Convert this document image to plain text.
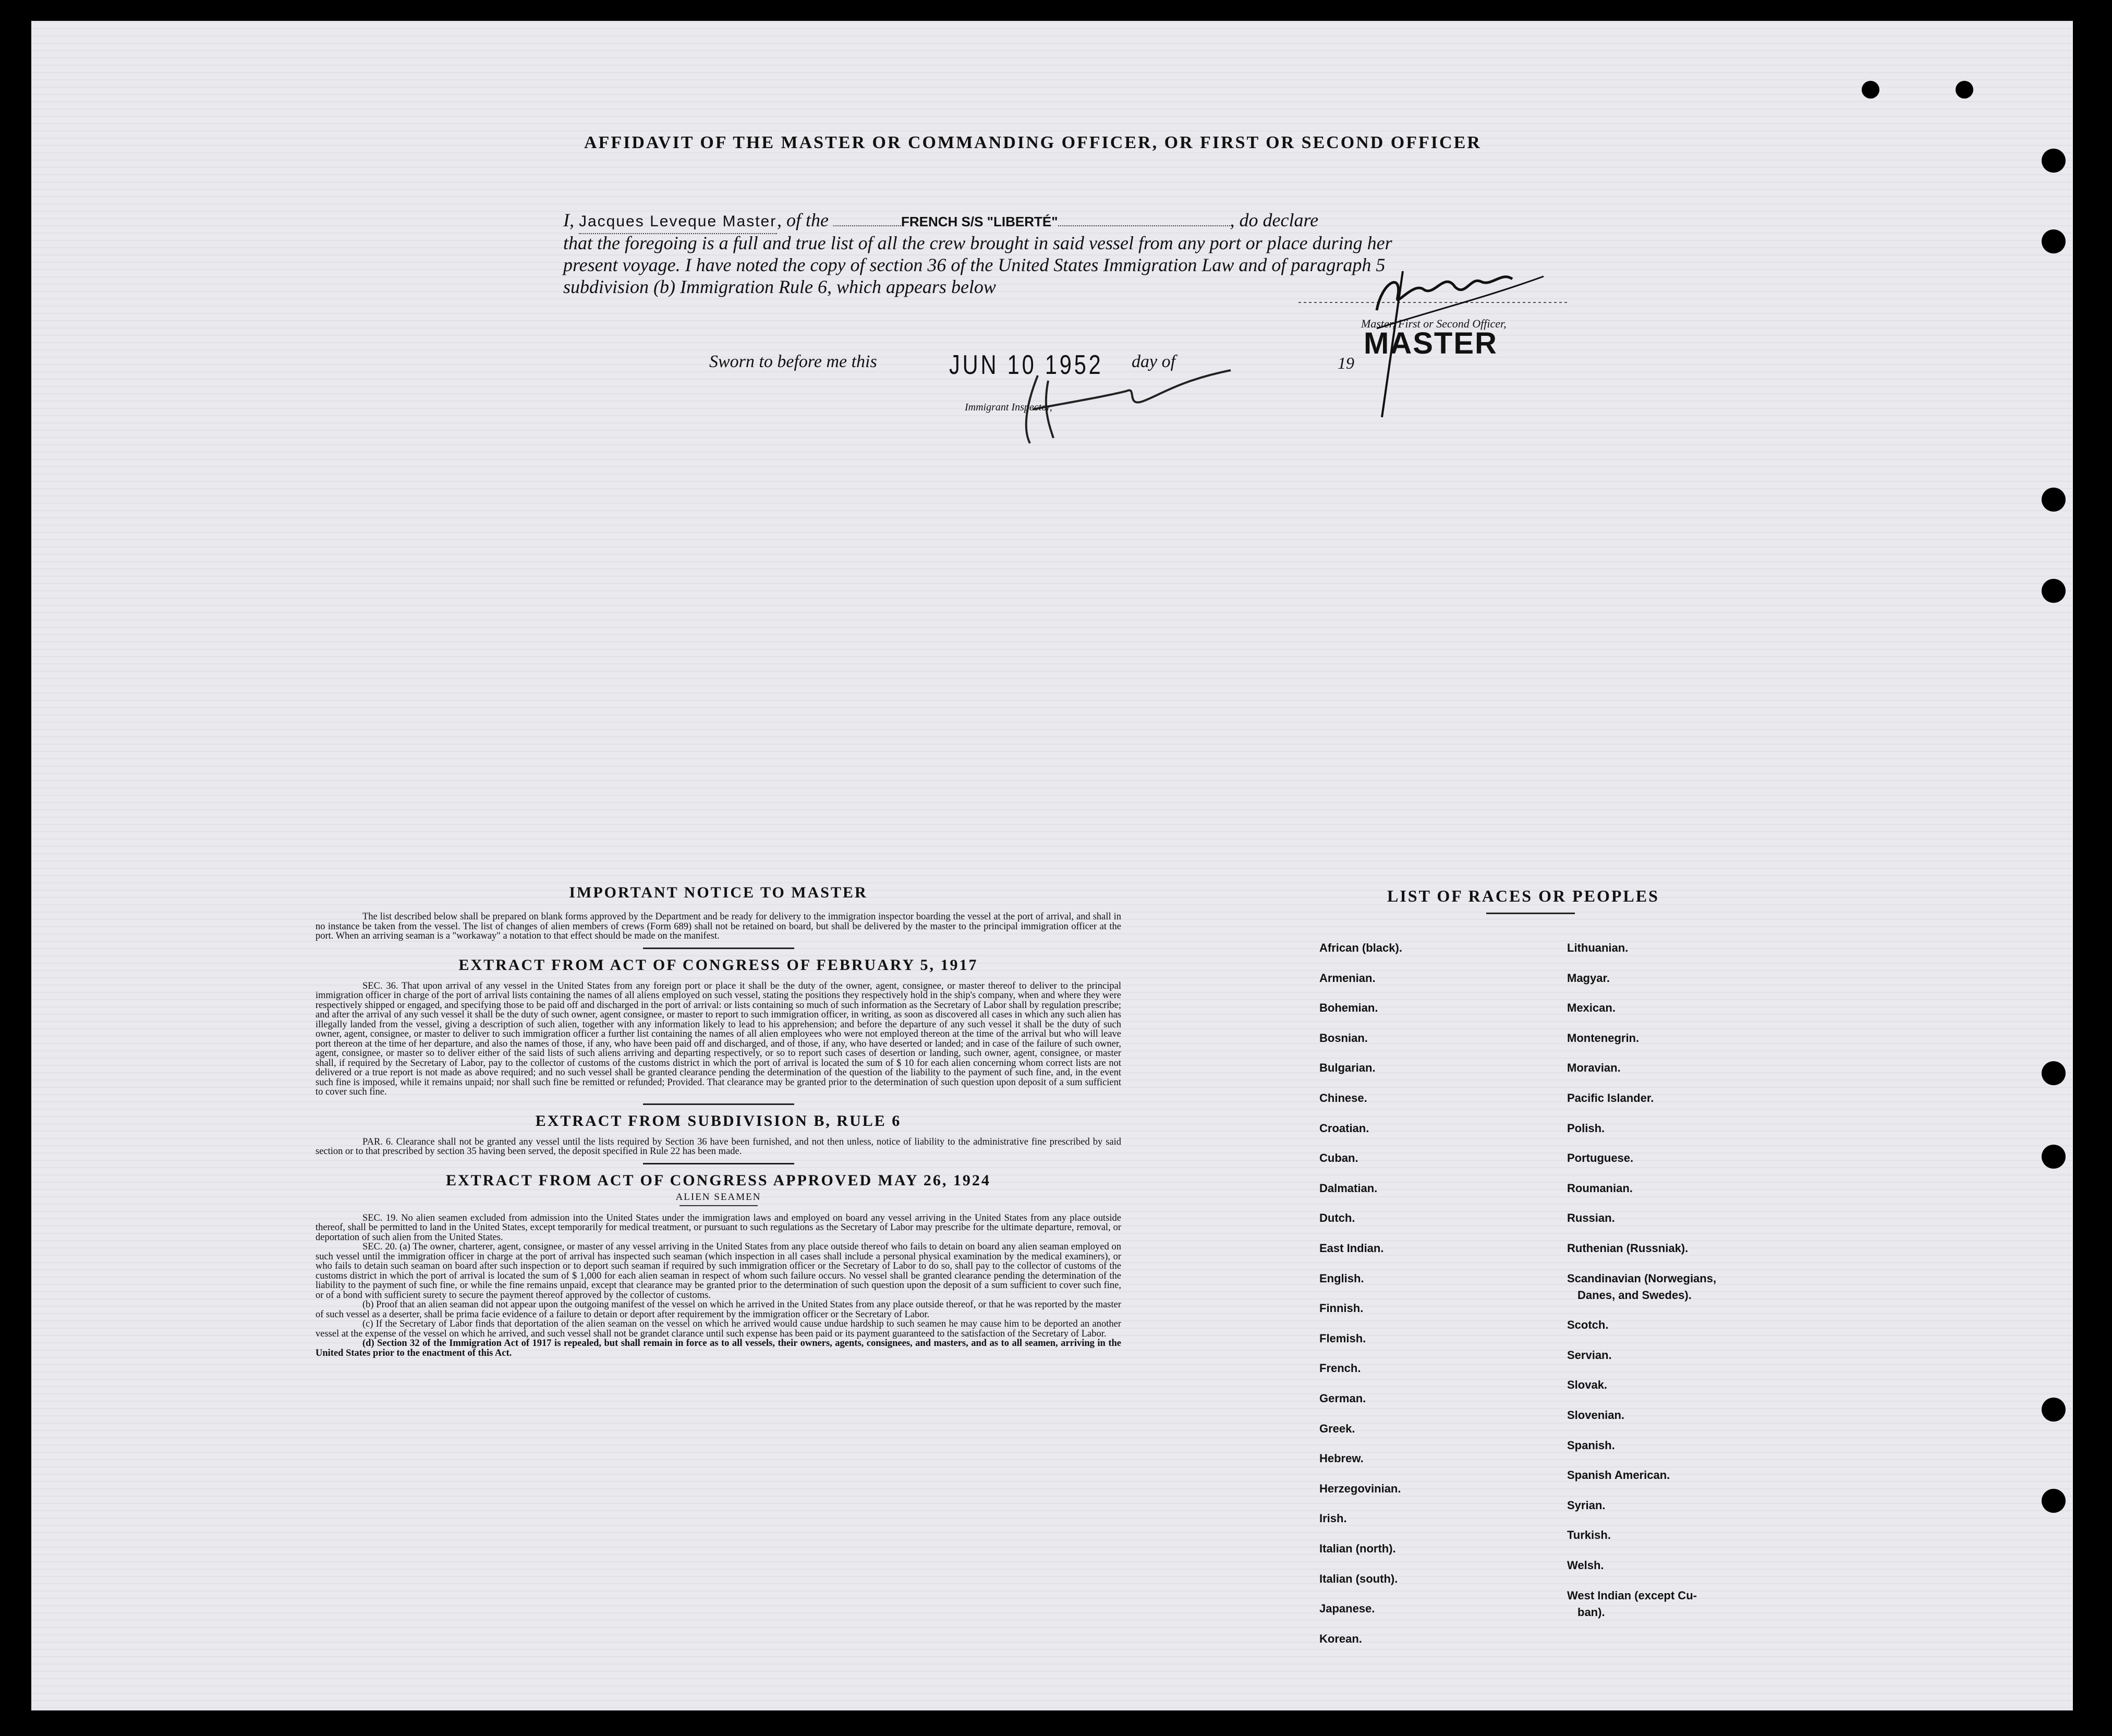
AFFIDAVIT OF THE MASTER OR COMMANDING OFFICER, OR FIRST OR SECOND OFFICER
I, Jacques Leveque Master, of the	FRENCH S/S "LIBERTÉ"	, do declare
that the foregoing is a full and true list of all the crew brought in said vessel from any port or place during her
present voyage. I have noted the copy of section 36 of the United States Immigration Law and of paragraph 5
subdivision (b) Immigration Rule 6, which appears below
Master, First or Second Officer,
MASTER
19
Sworn to before me this	JUN 10 1952 day of
Immigrant Inspector,
IMPORTANT NOTICE TO MASTER

The list described below shall be prepared on blank forms approved by the Department and be ready for delivery to the immigration inspector boarding the vessel at the port of arrival, and shall in no instance be taken from the vessel. The list of changes of alien members of crews (Form 689) shall not be retained on board, but shall be delivered by the master to the principal immigration officer at the port. When an arriving seaman is a "workaway" a notation to that effect should be made on the manifest.

EXTRACT FROM ACT OF CONGRESS OF FEBRUARY 5, 1917

SEC. 36. That upon arrival of any vessel in the United States from any foreign port or place it shall be the duty of the owner, agent, consignee, or master thereof to deliver to the principal immigration officer in charge of the port of arrival lists containing the names of all aliens employed on such vessel, stating the positions they respectively hold in the ship's company, when and where they were respectively shipped or engaged, and specifying those to be paid off and discharged in the port of arrival: or lists containing so much of such information as the Secretary of Labor shall by regulation prescribe; and after the arrival of any such vessel it shall be the duty of such owner, agent consignee, or master to report to such immigration officer, in writing, as soon as discovered all cases in which any such alien has illegally landed from the vessel, giving a description of such alien, together with any information likely to lead to his apprehension; and before the departure of any such vessel it shall be the duty of such owner, agent, consignee, or master to deliver to such immigration officer a further list containing the names of all alien employees who were not employed thereon at the time of the arrival but who will leave port thereon at the time of her departure, and also the names of those, if any, who have been paid off and discharged, and of those, if any, who have deserted or landed; and in case of the failure of such owner, agent, consignee, or master so to deliver either of the said lists of such aliens arriving and departing respectively, or so to report such cases of desertion or landing, such owner, agent, consignee, or master shall, if required by the Secretary of Labor, pay to the collector of customs of the customs district in which the port of arrival is located the sum of $ 10 for each alien concerning whom correct lists are not delivered or a true report is not made as above required; and no such vessel shall be granted clearance pending the determination of the question of the liability to the payment of such fine, and, in the event such fine is imposed, while it remains unpaid; nor shall such fine be remitted or refunded; Provided. That clearance may be granted prior to the determination of such question upon deposit of a sum sufficient to cover such fine.

EXTRACT FROM SUBDIVISION B, RULE 6

PAR. 6. Clearance shall not be granted any vessel until the lists required by Section 36 have been furnished, and not then unless, notice of liability to the administrative fine prescribed by said section or to that prescribed by section 35 having been served, the deposit specified in Rule 22 has been made.

EXTRACT FROM ACT OF CONGRESS APPROVED MAY 26, 1924
ALIEN SEAMEN

SEC. 19. No alien seamen excluded from admission into the United States under the immigration laws and employed on board any vessel arriving in the United States from any place outside thereof, shall be permitted to land in the United States, except temporarily for medical treatment, or pursuant to such regulations as the Secretary of Labor may prescribe for the ultimate departure, removal, or deportation of such alien from the United States.

SEC. 20. (a) The owner, charterer, agent, consignee, or master of any vessel arriving in the United States from any place outside thereof who fails to detain on board any alien seaman employed on such vessel until the immigration officer in charge at the port of arrival has inspected such seaman (which inspection in all cases shall include a personal physical examination by the medical examiners), or who fails to detain such seaman on board after such inspection or to deport such seaman if required by such immigration officer or the Secretary of Labor to do so, shall pay to the collector of customs of the customs district in which the port of arrival is located the sum of $ 1,000 for each alien seaman in respect of whom such failure occurs. No vessel shall be granted clearance pending the determination of the liability to the payment of such fine, or while the fine remains unpaid, except that clearance may be granted prior to the determination of such question upon the deposit of a sum sufficient to cover such fine, or of a bond with sufficient surety to secure the payment thereof approved by the collector of customs.

(b) Proof that an alien seaman did not appear upon the outgoing manifest of the vessel on which he arrived in the United States from any place outside thereof, or that he was reported by the master of such vessel as a deserter, shall be prima facie evidence of a failure to detain or deport after requirement by the immigration officer or the Secretary of Labor.

(c) If the Secretary of Labor finds that deportation of the alien seaman on the vessel on which he arrived would cause undue hardship to such seamen he may cause him to be deported an another vessel at the expense of the vessel on which he arrived, and such vessel shall not be grandet clarance until such expense has been paid or its payment guaranteed to the satisfaction of the Secretary of Labor.

(d) Section 32 of the Immigration Act of 1917 is repealed, but shall remain in force as to all vessels, their owners, agents, consignees, and masters, and as to all seamen, arriving in the United States prior to the enactment of this Act.

LIST OF RACES OR PEOPLES
African (black).
Armenian.
Bohemian.
Bosnian.
Bulgarian.
Chinese.
Croatian.
Cuban.
Dalmatian.
Dutch.
East Indian.
English.
Finnish.
Flemish.
French.
German.
Greek.
Hebrew.
Herzegovinian.
Irish.
Italian (north).
Italian (south).
Japanese.
Korean.
Lithuanian.
Magyar.
Mexican.
Montenegrin.
Moravian.
Pacific Islander.
Polish.
Portuguese.
Roumanian.
Russian.
Ruthenian (Russniak).
Scandinavian (Norwegians,
Danes, and Swedes).
Scotch.
Servian.
Slovak.
Slovenian.
Spanish.
Spanish American.
Syrian.
Turkish.
Welsh.
West Indian (except Cu-
ban).
